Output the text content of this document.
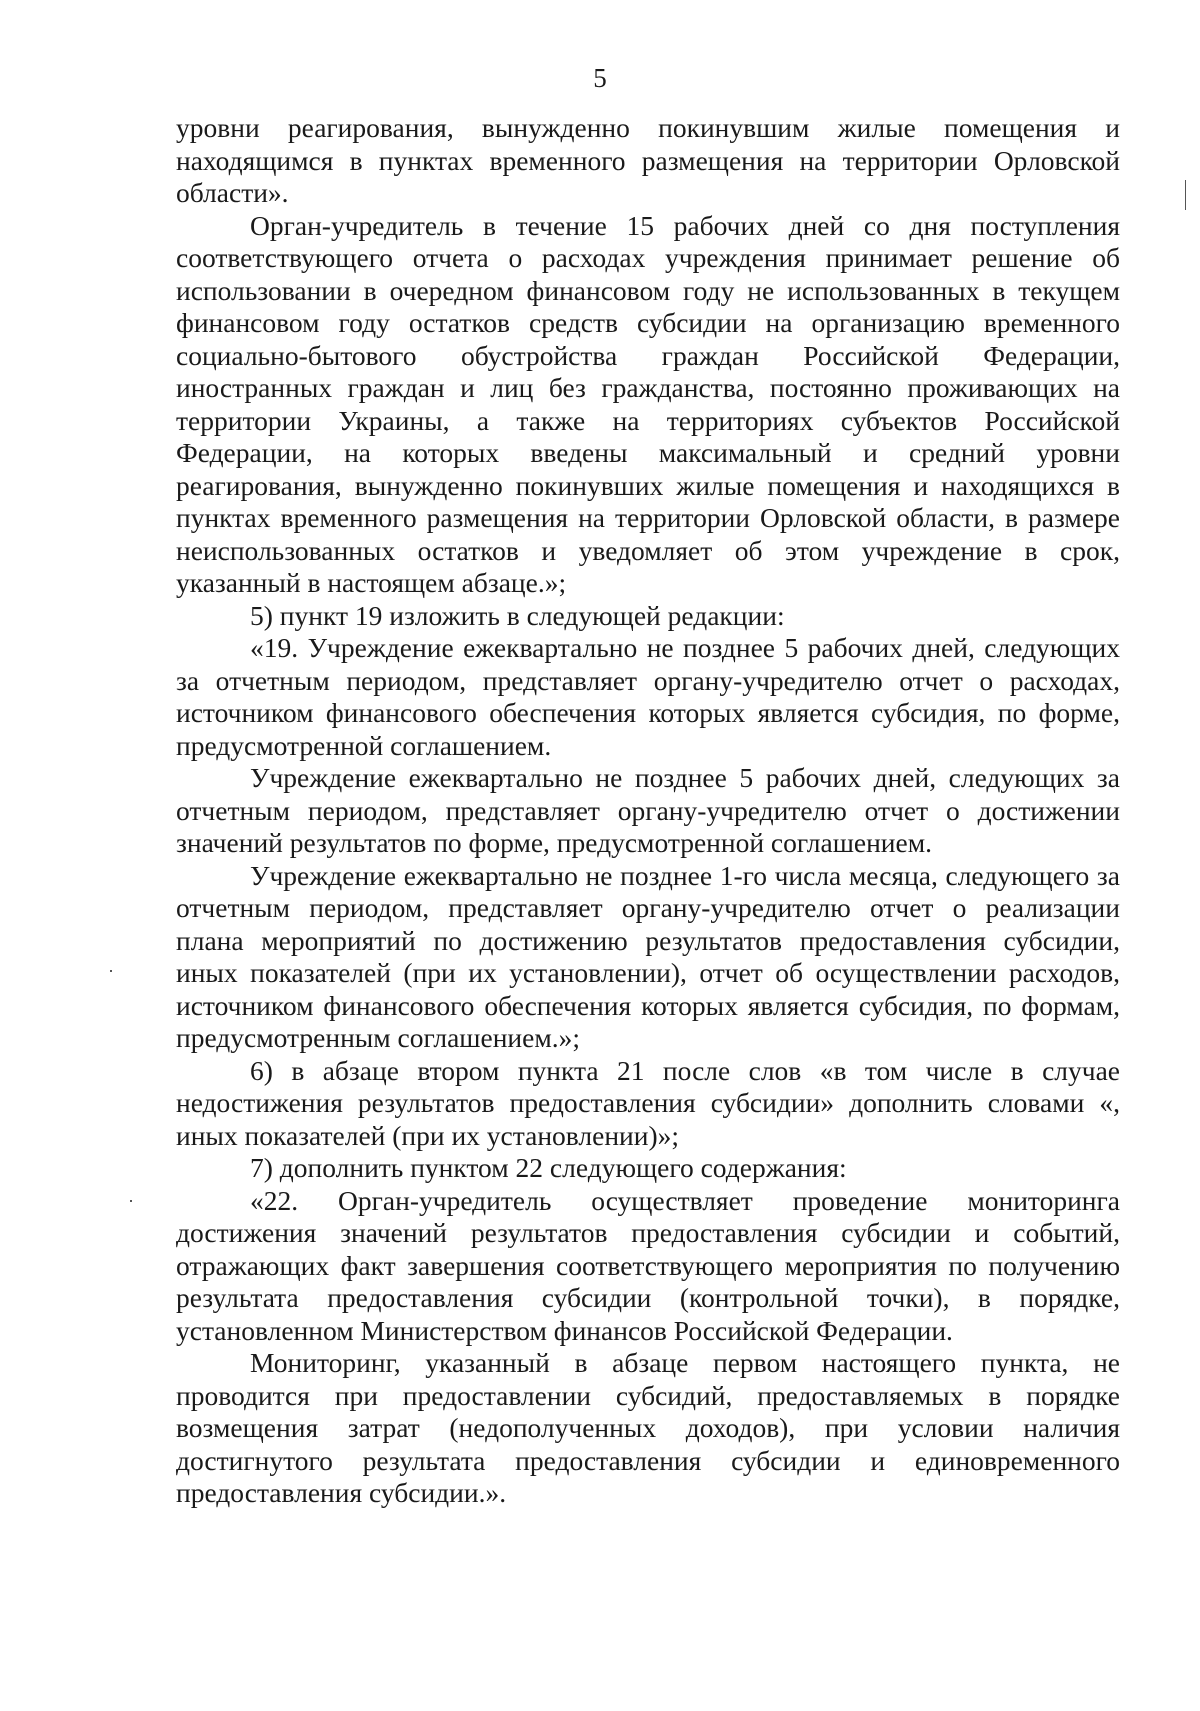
5

уровни реагирования, вынужденно покинувшим жилые помещения и находящимся в пунктах временного размещения на территории Орловской области».

Орган-учредитель в течение 15 рабочих дней со дня поступления соответствующего отчета о расходах учреждения принимает решение об использовании в очередном финансовом году не использованных в текущем финансовом году остатков средств субсидии на организацию временного социально-бытового обустройства граждан Российской Федерации, иностранных граждан и лиц без гражданства, постоянно проживающих на территории Украины, а также на территориях субъектов Российской Федерации, на которых введены максимальный и средний уровни реагирования, вынужденно покинувших жилые помещения и находящихся в пунктах временного размещения на территории Орловской области, в размере неиспользованных остатков и уведомляет об этом учреждение в срок, указанный в настоящем абзаце.»;

5) пункт 19 изложить в следующей редакции:

«19. Учреждение ежеквартально не позднее 5 рабочих дней, следующих за отчетным периодом, представляет органу-учредителю отчет о расходах, источником финансового обеспечения которых является субсидия, по форме, предусмотренной соглашением.

Учреждение ежеквартально не позднее 5 рабочих дней, следующих за отчетным периодом, представляет органу-учредителю отчет о достижении значений результатов по форме, предусмотренной соглашением.

Учреждение ежеквартально не позднее 1-го числа месяца, следующего за отчетным периодом, представляет органу-учредителю отчет о реализации плана мероприятий по достижению результатов предоставления субсидии, иных показателей (при их установлении), отчет об осуществлении расходов, источником финансового обеспечения которых является субсидия, по формам, предусмотренным соглашением.»;

6) в абзаце втором пункта 21 после слов «в том числе в случае недостижения результатов предоставления субсидии» дополнить словами «, иных показателей (при их установлении)»;

7) дополнить пунктом 22 следующего содержания:

«22. Орган-учредитель осуществляет проведение мониторинга достижения значений результатов предоставления субсидии и событий, отражающих факт завершения соответствующего мероприятия по получению результата предоставления субсидии (контрольной точки), в порядке, установленном Министерством финансов Российской Федерации.

Мониторинг, указанный в абзаце первом настоящего пункта, не проводится при предоставлении субсидий, предоставляемых в порядке возмещения затрат (недополученных доходов), при условии наличия достигнутого результата предоставления субсидии и единовременного предоставления субсидии.».
